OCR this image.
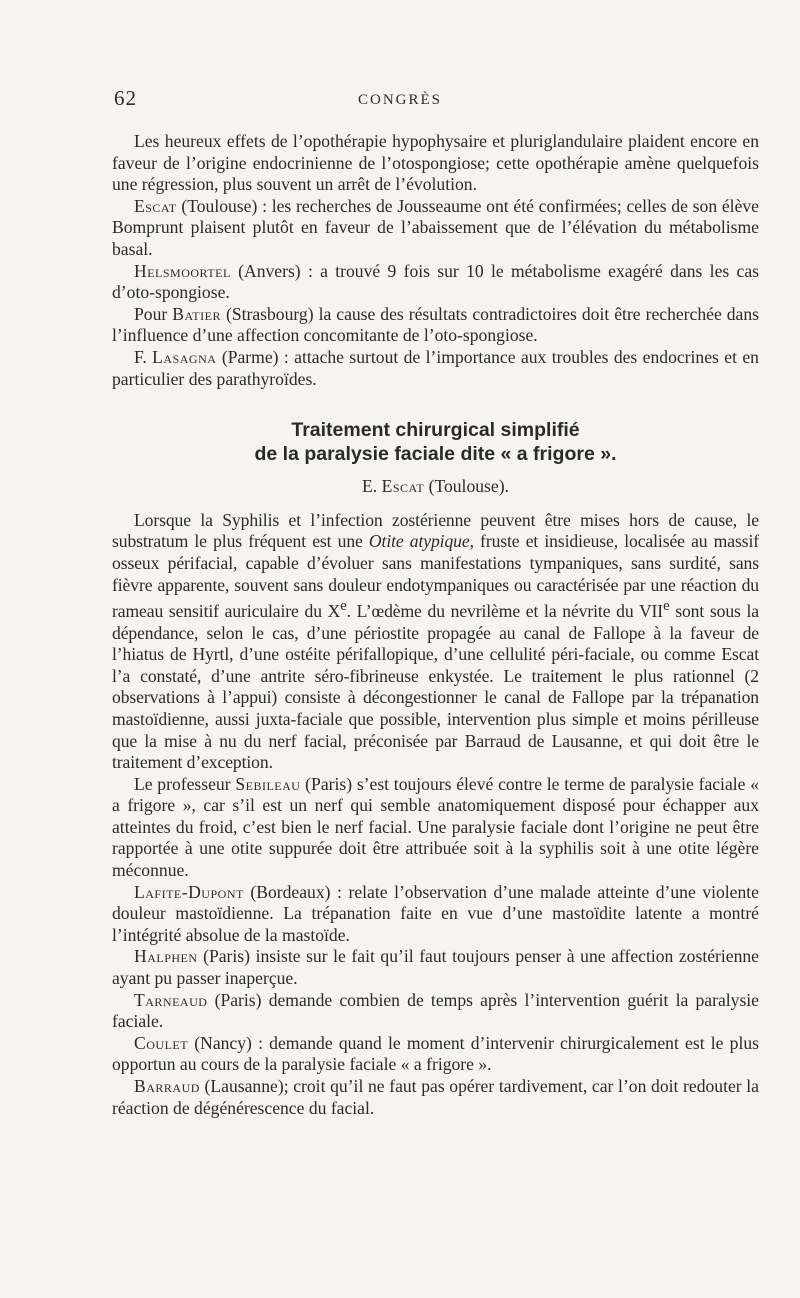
62	CONGRÈS

Les heureux effets de l’opothérapie hypophysaire et pluriglandulaire plaident encore en faveur de l’origine endocrinienne de l’otospongiose; cette opothérapie amène quelquefois une régression, plus souvent un arrêt de l’évolution.

Escat (Toulouse) : les recherches de Jousseaume ont été confirmées; celles de son élève Bomprunt plaisent plutôt en faveur de l’abaissement que de l’élévation du métabolisme basal.

Helsmoortel (Anvers) : a trouvé 9 fois sur 10 le métabolisme exagéré dans les cas d’oto-spongiose.

Pour Batier (Strasbourg) la cause des résultats contradictoires doit être recherchée dans l’influence d’une affection concomitante de l’oto-spongiose.

F. Lasagna (Parme) : attache surtout de l’importance aux troubles des endocrines et en particulier des parathyroïdes.

Traitement chirurgical simplifié
de la paralysie faciale dite « a frigore ».

E. Escat (Toulouse).

Lorsque la Syphilis et l’infection zostérienne peuvent être mises hors de cause, le substratum le plus fréquent est une Otite atypique, fruste et insidieuse, localisée au massif osseux périfacial, capable d’évoluer sans manifestations tympaniques, sans surdité, sans fièvre apparente, souvent sans douleur endotympaniques ou caractérisée par une réaction du rameau sensitif auriculaire du Xe. L’œdème du nevrilème et la névrite du VIIe sont sous la dépendance, selon le cas, d’une périostite propagée au canal de Fallope à la faveur de l’hiatus de Hyrtl, d’une ostéite périfallopique, d’une cellulité péri-faciale, ou comme Escat l’a constaté, d’une antrite séro-fibrineuse enkystée. Le traitement le plus rationnel (2 observations à l’appui) consiste à décongestionner le canal de Fallope par la trépanation mastoïdienne, aussi juxta-faciale que possible, intervention plus simple et moins périlleuse que la mise à nu du nerf facial, préconisée par Barraud de Lausanne, et qui doit être le traitement d’exception.

Le professeur Sebileau (Paris) s’est toujours élevé contre le terme de paralysie faciale « a frigore », car s’il est un nerf qui semble anatomiquement disposé pour échapper aux atteintes du froid, c’est bien le nerf facial. Une paralysie faciale dont l’origine ne peut être rapportée à une otite suppurée doit être attribuée soit à la syphilis soit à une otite légère méconnue.

Lafite-Dupont (Bordeaux) : relate l’observation d’une malade atteinte d’une violente douleur mastoïdienne. La trépanation faite en vue d’une mastoïdite latente a montré l’intégrité absolue de la mastoïde.

Halphen (Paris) insiste sur le fait qu’il faut toujours penser à une affection zostérienne ayant pu passer inaperçue.

Tarneaud (Paris) demande combien de temps après l’intervention guérit la paralysie faciale.

Coulet (Nancy) : demande quand le moment d’intervenir chirurgicalement est le plus opportun au cours de la paralysie faciale « a frigore ».

Barraud (Lausanne); croit qu’il ne faut pas opérer tardivement, car l’on doit redouter la réaction de dégénérescence du facial.
